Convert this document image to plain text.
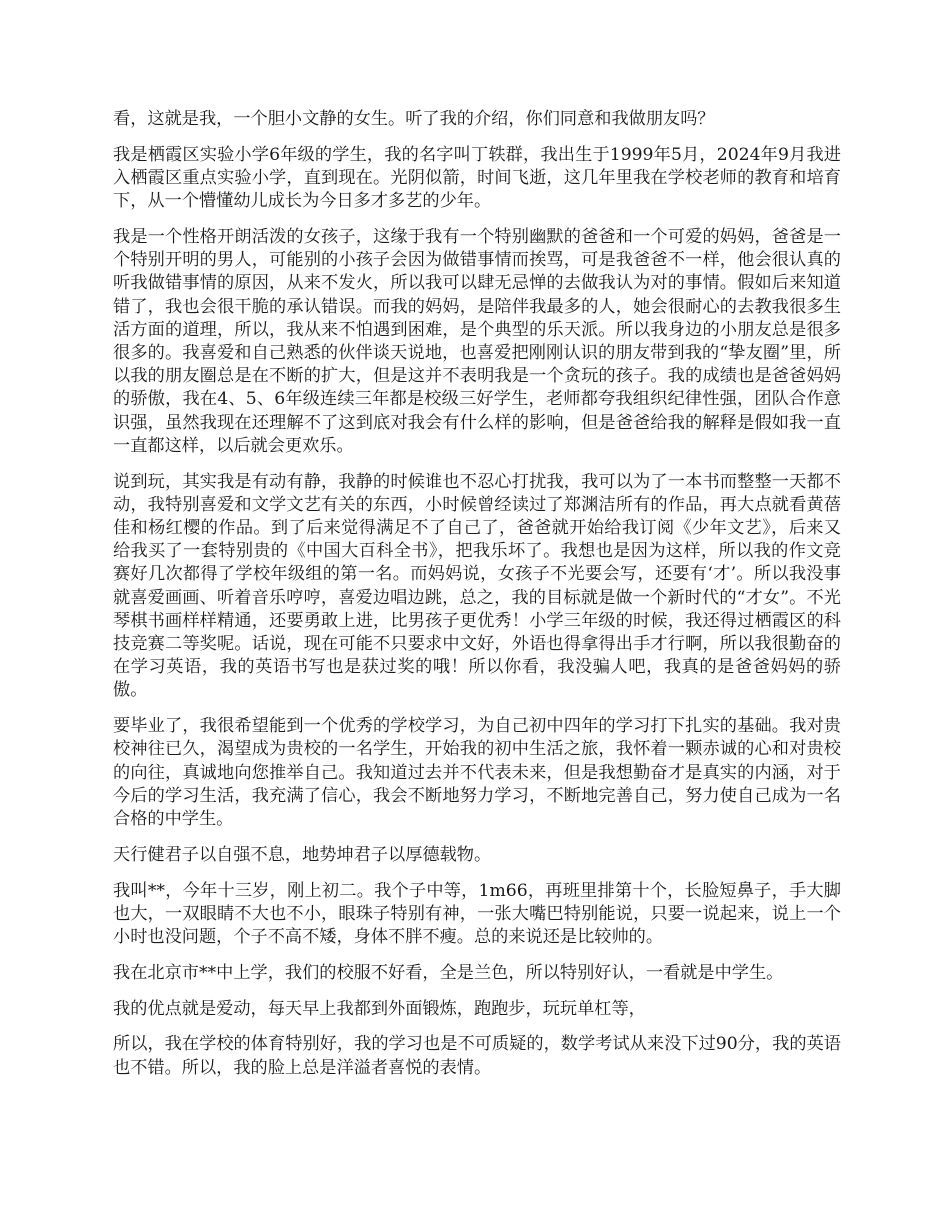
看，这就是我，一个胆小文静的女生。听了我的介绍，你们同意和我做朋友吗？

我是栖霞区实验小学6年级的学生，我的名字叫丁轶群，我出生于1999年5月，2024年9月我进入栖霞区重点实验小学，直到现在。光阴似箭，时间飞逝，这几年里我在学校老师的教育和培育下，从一个懵懂幼儿成长为今日多才多艺的少年。

我是一个性格开朗活泼的女孩子，这缘于我有一个特别幽默的爸爸和一个可爱的妈妈，爸爸是一个特别开明的男人，可能别的小孩子会因为做错事情而挨骂，可是我爸爸不一样，他会很认真的听我做错事情的原因，从来不发火，所以我可以肆无忌惮的去做我认为对的事情。假如后来知道错了，我也会很干脆的承认错误。而我的妈妈，是陪伴我最多的人，她会很耐心的去教我很多生活方面的道理，所以，我从来不怕遇到困难，是个典型的乐天派。所以我身边的小朋友总是很多很多的。我喜爱和自己熟悉的伙伴谈天说地，也喜爱把刚刚认识的朋友带到我的“挚友圈”里，所以我的朋友圈总是在不断的扩大，但是这并不表明我是一个贪玩的孩子。我的成绩也是爸爸妈妈的骄傲，我在4、5、6年级连续三年都是校级三好学生，老师都夸我组织纪律性强，团队合作意识强，虽然我现在还理解不了这到底对我会有什么样的影响，但是爸爸给我的解释是假如我一直一直都这样，以后就会更欢乐。

说到玩，其实我是有动有静，我静的时候谁也不忍心打扰我，我可以为了一本书而整整一天都不动，我特别喜爱和文学文艺有关的东西，小时候曾经读过了郑渊洁所有的作品，再大点就看黄蓓佳和杨红樱的作品。到了后来觉得满足不了自己了，爸爸就开始给我订阅《少年文艺》，后来又给我买了一套特别贵的《中国大百科全书》，把我乐坏了。我想也是因为这样，所以我的作文竞赛好几次都得了学校年级组的第一名。而妈妈说，女孩子不光要会写，还要有‘才’。所以我没事就喜爱画画、听着音乐哼哼，喜爱边唱边跳，总之，我的目标就是做一个新时代的“才女”。不光琴棋书画样样精通，还要勇敢上进，比男孩子更优秀！小学三年级的时候，我还得过栖霞区的科技竞赛二等奖呢。话说，现在可能不只要求中文好，外语也得拿得出手才行啊，所以我很勤奋的在学习英语，我的英语书写也是获过奖的哦！所以你看，我没骗人吧，我真的是爸爸妈妈的骄傲。

要毕业了，我很希望能到一个优秀的学校学习，为自己初中四年的学习打下扎实的基础。我对贵校神往已久，渴望成为贵校的一名学生，开始我的初中生活之旅，我怀着一颗赤诚的心和对贵校的向往，真诚地向您推举自己。我知道过去并不代表未来，但是我想勤奋才是真实的内涵，对于今后的学习生活，我充满了信心，我会不断地努力学习，不断地完善自己，努力使自己成为一名合格的中学生。

天行健君子以自强不息，地势坤君子以厚德载物。

我叫**，今年十三岁，刚上初二。我个子中等，1m66，再班里排第十个，长脸短鼻子，手大脚也大，一双眼睛不大也不小，眼珠子特别有神，一张大嘴巴特别能说，只要一说起来，说上一个小时也没问题，个子不高不矮，身体不胖不瘦。总的来说还是比较帅的。

我在北京市**中上学，我们的校服不好看，全是兰色，所以特别好认，一看就是中学生。

我的优点就是爱动，每天早上我都到外面锻炼，跑跑步，玩玩单杠等，

所以，我在学校的体育特别好，我的学习也是不可质疑的，数学考试从来没下过90分，我的英语也不错。所以，我的脸上总是洋溢者喜悦的表情。
